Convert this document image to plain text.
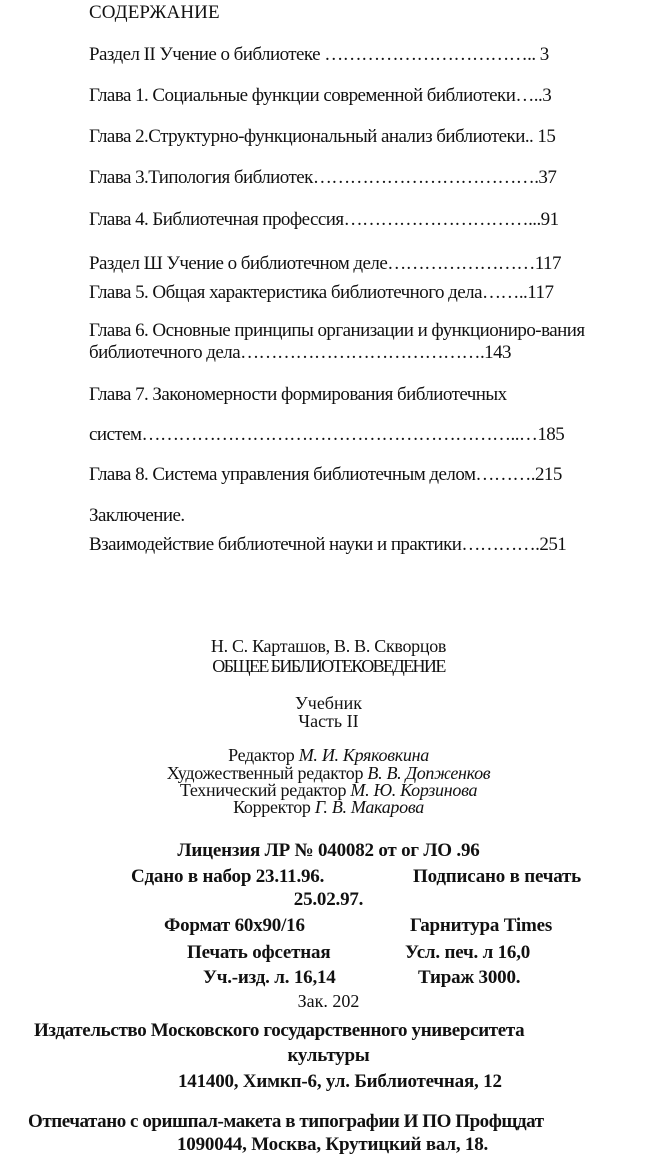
СОДЕРЖАНИЕ
Раздел II Учение о библиотеке …………………………….. 3
Глава 1. Социальные функции современной библиотеки…..3
Глава 2.Структурно-функциональный анализ библиотеки.. 15
Глава 3.Типология библиотек……………………………….37
Глава 4. Библиотечная профессия…………………………...91
Раздел Ш Учение о библиотечном деле……………………117
Глава 5. Общая характеристика библиотечного дела……..117
Глава 6. Основные принципы организации и функциониро-вания библиотечного дела………………………………….143
Глава 7. Закономерности формирования библиотечных
систем……………………………………………………..…185
Глава 8. Система управления библиотечным делом……….215
Заключение.
Взаимодействие библиотечной науки и практики………….251
Н. С. Карташов, В. В. Скворцов
ОБЩЕЕ БИБЛИОТЕКОВЕДЕНИЕ
Учебник
Часть II
Редактор М. И. Кряковкина
Художественный редактор В. В. Допженков
Технический редактор М. Ю. Корзинова
Корректор Г. В. Макарова
Лицензия ЛР № 040082 от ог ЛО .96
Сдано в набор 23.11.96.	Подписано в печать
25.02.97.
Формат 60x90/16	Гарнитура Times
Печать офсетная	Усл. печ. л 16,0
Уч.-изд. л. 16,14	Тираж 3000.
Зак. 202
Издательство Московского государственного университета
культуры
141400, Химкп-6, ул. Библиотечная, 12
Отпечатано с оришпал-макета в типографии И ПО Профщдат
1090044, Москва, Крутицкий вал, 18.
